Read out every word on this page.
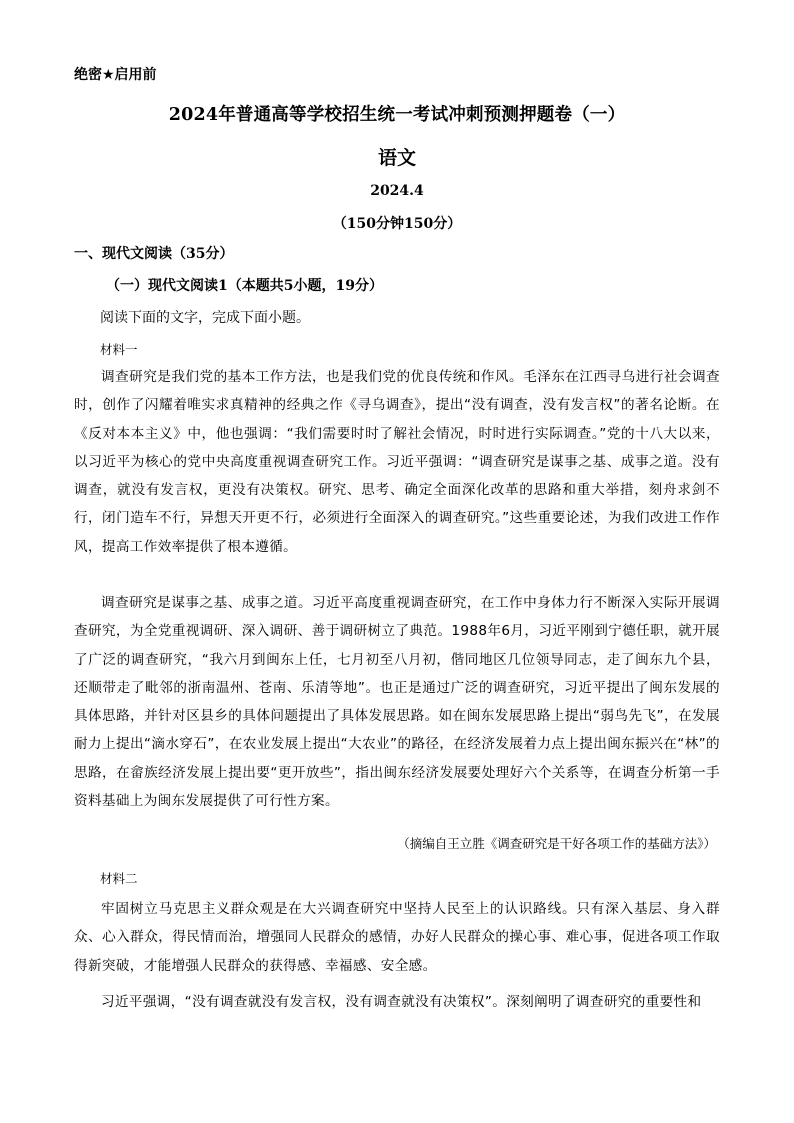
绝密★启用前
2024年普通高等学校招生统一考试冲刺预测押题卷（一）
语文
2024.4
（150分钟150分）
一、现代文阅读（35分）
（一）现代文阅读1（本题共5小题，19分）
阅读下面的文字，完成下面小题。
材料一
调查研究是我们党的基本工作方法，也是我们党的优良传统和作风。毛泽东在江西寻乌进行社会调查时，创作了闪耀着唯实求真精神的经典之作《寻乌调查》，提出“没有调查，没有发言权”的著名论断。在《反对本本主义》中，他也强调：“我们需要时时了解社会情况，时时进行实际调查。”党的十八大以来，以习近平为核心的党中央高度重视调查研究工作。习近平强调：“调查研究是谋事之基、成事之道。没有调查，就没有发言权，更没有决策权。研究、思考、确定全面深化改革的思路和重大举措，刻舟求剑不行，闭门造车不行，异想天开更不行，必须进行全面深入的调查研究。”这些重要论述，为我们改进工作作风，提高工作效率提供了根本遵循。
调查研究是谋事之基、成事之道。习近平高度重视调查研究，在工作中身体力行不断深入实际开展调查研究，为全党重视调研、深入调研、善于调研树立了典范。1988年6月，习近平刚到宁德任职，就开展了广泛的调查研究，“我六月到闽东上任，七月初至八月初，偕同地区几位领导同志，走了闽东九个县，还顺带走了毗邻的浙南温州、苍南、乐清等地”。也正是通过广泛的调查研究，习近平提出了闽东发展的具体思路，并针对区县乡的具体问题提出了具体发展思路。如在闽东发展思路上提出“弱鸟先飞”，在发展耐力上提出“滴水穿石”，在农业发展上提出“大农业”的路径，在经济发展着力点上提出闽东振兴在“林”的思路，在畲族经济发展上提出要“更开放些”，指出闽东经济发展要处理好六个关系等，在调查分析第一手资料基础上为闽东发展提供了可行性方案。
（摘编自王立胜《调查研究是干好各项工作的基础方法》）
材料二
牢固树立马克思主义群众观是在大兴调查研究中坚持人民至上的认识路线。只有深入基层、身入群众、心入群众，得民情而治，增强同人民群众的感情，办好人民群众的操心事、难心事，促进各项工作取得新突破，才能增强人民群众的获得感、幸福感、安全感。
习近平强调，“没有调查就没有发言权，没有调查就没有决策权”。深刻阐明了调查研究的重要性和
